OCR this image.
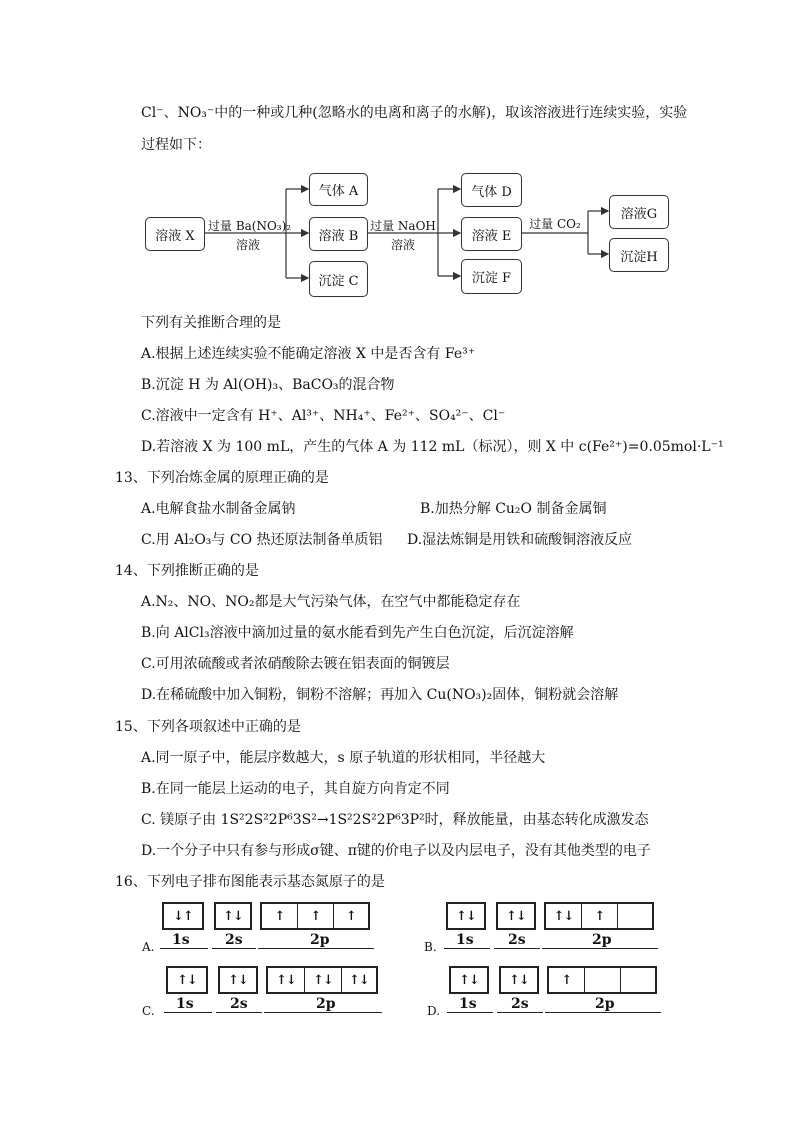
Cl⁻、NO₃⁻中的一种或几种(忽略水的电离和离子的水解)，取该溶液进行连续实验，实验
过程如下：
溶液 X
气体 A
溶液 B
沉淀 C
气体 D
溶液 E
沉淀 F
溶液G
沉淀H
过量 Ba(NO₃)₂
溶液
过量 NaOH
溶液
过量 CO₂
下列有关推断合理的是
A.根据上述连续实验不能确定溶液 X 中是否含有 Fe³⁺
B.沉淀 H 为 Al(OH)₃、BaCO₃的混合物
C.溶液中一定含有 H⁺、Al³⁺、NH₄⁺、Fe²⁺、SO₄²⁻、Cl⁻
D.若溶液 X 为 100 mL，产生的气体 A 为 112 mL（标况），则 X 中 c(Fe²⁺)=0.05mol·L⁻¹
13、下列冶炼金属的原理正确的是
A.电解食盐水制备金属钠	B.加热分解 Cu₂O 制备金属铜
C.用 Al₂O₃与 CO 热还原法制备单质铝 D.湿法炼铜是用铁和硫酸铜溶液反应
14、下列推断正确的是
A.N₂、NO、NO₂都是大气污染气体，在空气中都能稳定存在
B.向 AlCl₃溶液中滴加过量的氨水能看到先产生白色沉淀，后沉淀溶解
C.可用浓硫酸或者浓硝酸除去镀在铝表面的铜镀层
D.在稀硫酸中加入铜粉，铜粉不溶解；再加入 Cu(NO₃)₂固体，铜粉就会溶解
15、下列各项叙述中正确的是
A.同一原子中，能层序数越大，s 原子轨道的形状相同，半径越大
B.在同一能层上运动的电子，其自旋方向肯定不同
C. 镁原子由 1S²2S²2P⁶3S²→1S²2S²2P⁶3P²时，释放能量，由基态转化成激发态
D.一个分子中只有参与形成σ键、π键的价电子以及内层电子，没有其他类型的电子
16、下列电子排布图能表示基态氮原子的是
A.
↓↑	↑↓	↑	↑	↑
1s	2s	2p	B.
↑↓	↑↓	↑↓	↑
1s 2s	2p
C.
↑↓	↑↓	↑↓	↑↓	↑↓
1s	2s	2p	D.
↑↓	↑↓	↑
1s 2s	2p
